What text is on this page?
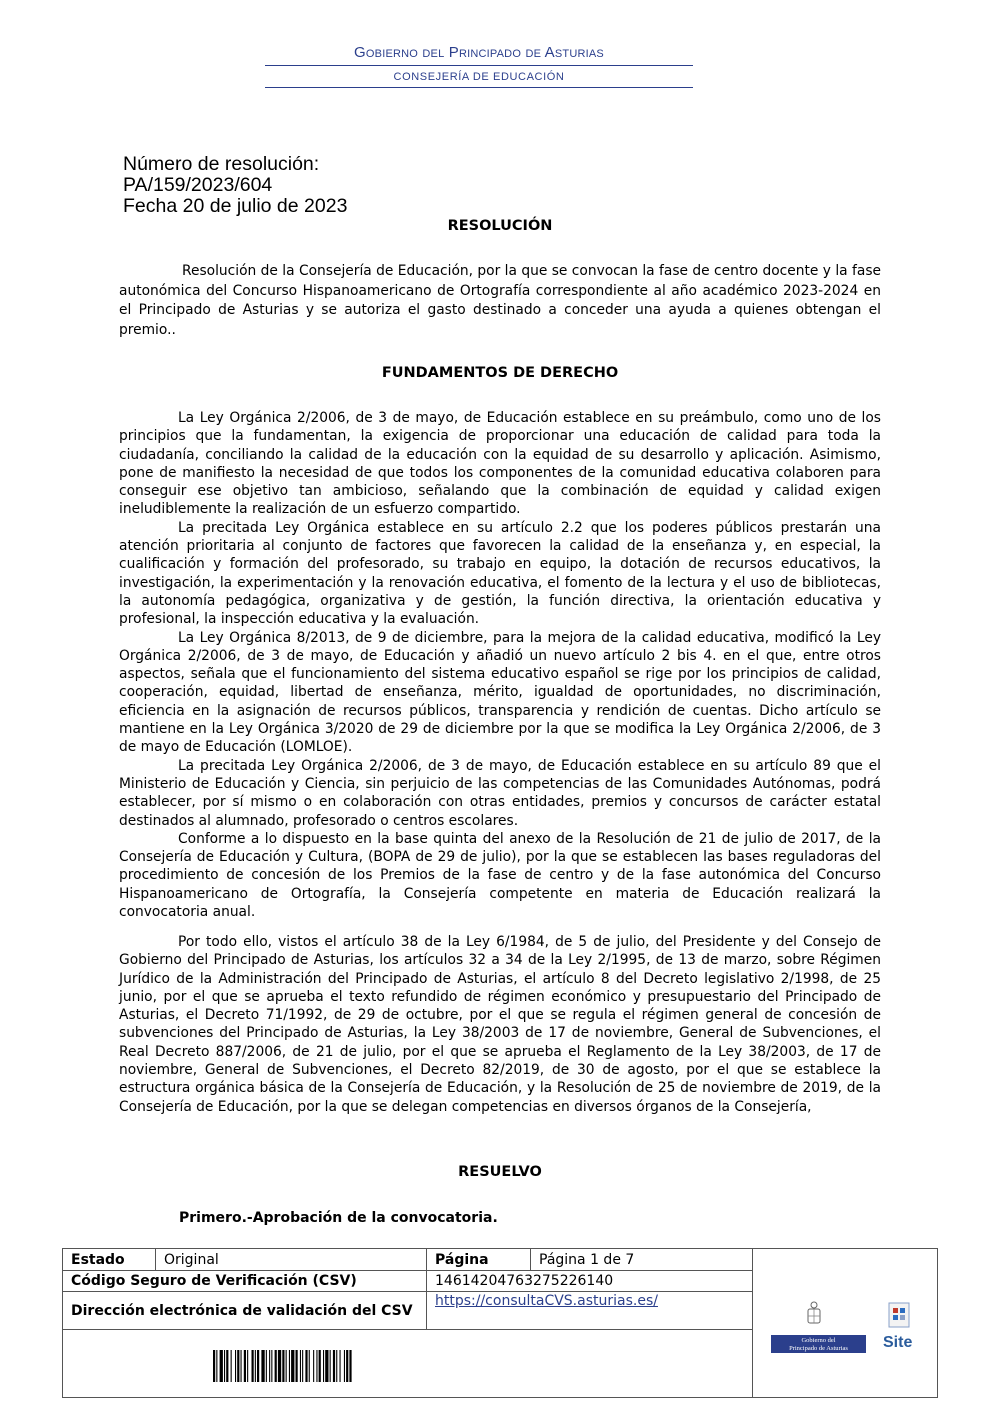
Gobierno del Principado de Asturias
CONSEJERÍA DE EDUCACIÓN
Número de resolución:
PA/159/2023/604
Fecha 20 de julio de 2023
RESOLUCIÓN

Resolución de la Consejería de Educación, por la que se convocan la fase de centro docente y la fase autonómica del Concurso Hispanoamericano de Ortografía correspondiente al año académico 2023-2024 en el Principado de Asturias y se autoriza el gasto destinado a conceder una ayuda a quienes obtengan el premio..

FUNDAMENTOS DE DERECHO

La Ley Orgánica 2/2006, de 3 de mayo, de Educación establece en su preámbulo, como uno de los principios que la fundamentan, la exigencia de proporcionar una educación de calidad para toda la ciudadanía, conciliando la calidad de la educación con la equidad de su desarrollo y aplicación. Asimismo, pone de manifiesto la necesidad de que todos los componentes de la comunidad educativa colaboren para conseguir ese objetivo tan ambicioso, señalando que la combinación de equidad y calidad exigen ineludiblemente la realización de un esfuerzo compartido.

La precitada Ley Orgánica establece en su artículo 2.2 que los poderes públicos prestarán una atención prioritaria al conjunto de factores que favorecen la calidad de la enseñanza y, en especial, la cualificación y formación del profesorado, su trabajo en equipo, la dotación de recursos educativos, la investigación, la experimentación y la renovación educativa, el fomento de la lectura y el uso de bibliotecas, la autonomía pedagógica, organizativa y de gestión, la función directiva, la orientación educativa y profesional, la inspección educativa y la evaluación.

La Ley Orgánica 8/2013, de 9 de diciembre, para la mejora de la calidad educativa, modificó la Ley Orgánica 2/2006, de 3 de mayo, de Educación y añadió un nuevo artículo 2 bis 4. en el que, entre otros aspectos, señala que el funcionamiento del sistema educativo español se rige por los principios de calidad, cooperación, equidad, libertad de enseñanza, mérito, igualdad de oportunidades, no discriminación, eficiencia en la asignación de recursos públicos, transparencia y rendición de cuentas. Dicho artículo se mantiene en la Ley Orgánica 3/2020 de 29 de diciembre por la que se modifica la Ley Orgánica 2/2006, de 3 de mayo de Educación (LOMLOE).

La precitada Ley Orgánica 2/2006, de 3 de mayo, de Educación establece en su artículo 89 que el Ministerio de Educación y Ciencia, sin perjuicio de las competencias de las Comunidades Autónomas, podrá establecer, por sí mismo o en colaboración con otras entidades, premios y concursos de carácter estatal destinados al alumnado, profesorado o centros escolares.

Conforme a lo dispuesto en la base quinta del anexo de la Resolución de 21 de julio de 2017, de la Consejería de Educación y Cultura, (BOPA de 29 de julio), por la que se establecen las bases reguladoras del procedimiento de concesión de los Premios de la fase de centro y de la fase autonómica del Concurso Hispanoamericano de Ortografía, la Consejería competente en materia de Educación realizará la convocatoria anual.

Por todo ello, vistos el artículo 38 de la Ley 6/1984, de 5 de julio, del Presidente y del Consejo de Gobierno del Principado de Asturias, los artículos 32 a 34 de la Ley 2/1995, de 13 de marzo, sobre Régimen Jurídico de la Administración del Principado de Asturias, el artículo 8 del Decreto legislativo 2/1998, de 25 junio, por el que se aprueba el texto refundido de régimen económico y presupuestario del Principado de Asturias, el Decreto 71/1992, de 29 de octubre, por el que se regula el régimen general de concesión de subvenciones del Principado de Asturias, la Ley 38/2003 de 17 de noviembre, General de Subvenciones, el Real Decreto 887/2006, de 21 de julio, por el que se aprueba el Reglamento de la Ley 38/2003, de 17 de noviembre, General de Subvenciones, el Decreto 82/2019, de 30 de agosto, por el que se establece la estructura orgánica básica de la Consejería de Educación, y la Resolución de 25 de noviembre de 2019, de la Consejería de Educación, por la que se delegan competencias en diversos órganos de la Consejería,

RESUELVO
Primero.-Aprobación de la convocatoria.
Estado	Original	Página	Página 1 de 7
Código Seguro de Verificación (CSV)	14614204763275226140
Dirección electrónica de validación del CSV
https://consultaCVS.asturias.es/
Gobierno del
Principado de Asturias	Site
